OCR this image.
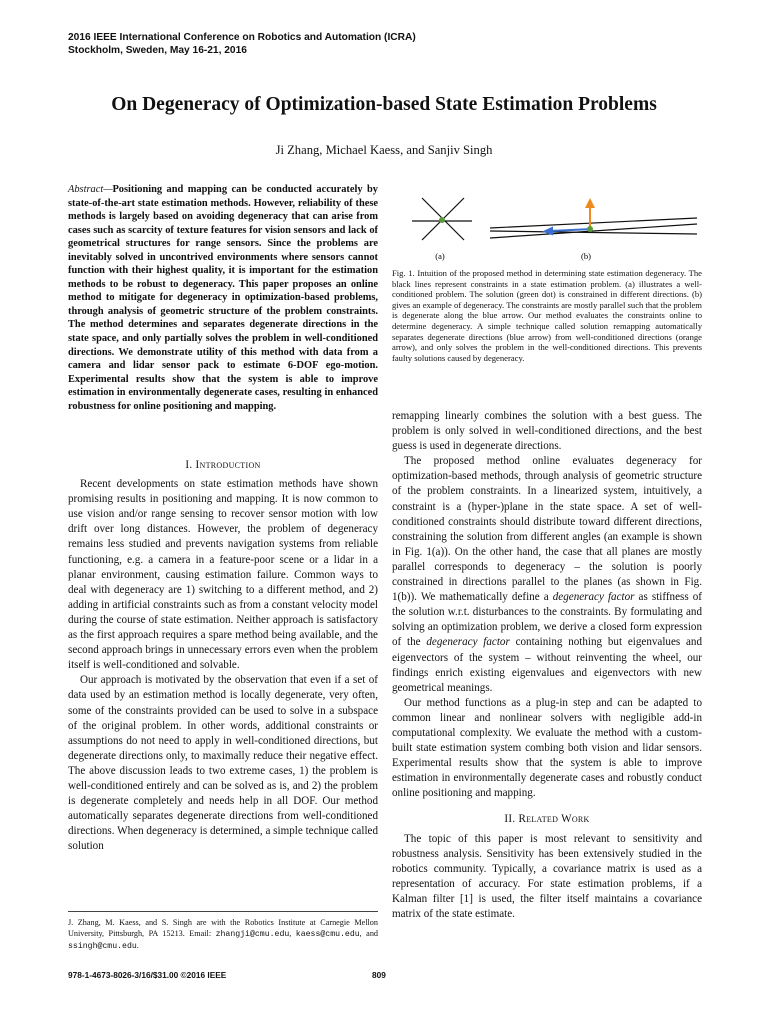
2016 IEEE International Conference on Robotics and Automation (ICRA)
Stockholm, Sweden, May 16-21, 2016
On Degeneracy of Optimization-based State Estimation Problems
Ji Zhang, Michael Kaess, and Sanjiv Singh
Abstract—Positioning and mapping can be conducted accurately by state-of-the-art state estimation methods. However, reliability of these methods is largely based on avoiding degeneracy that can arise from cases such as scarcity of texture features for vision sensors and lack of geometrical structures for range sensors. Since the problems are inevitably solved in uncontrived environments where sensors cannot function with their highest quality, it is important for the estimation methods to be robust to degeneracy. This paper proposes an online method to mitigate for degeneracy in optimization-based problems, through analysis of geometric structure of the problem constraints. The method determines and separates degenerate directions in the state space, and only partially solves the problem in well-conditioned directions. We demonstrate utility of this method with data from a camera and lidar sensor pack to estimate 6-DOF ego-motion. Experimental results show that the system is able to improve estimation in environmentally degenerate cases, resulting in enhanced robustness for online positioning and mapping.
I. Introduction

Recent developments on state estimation methods have shown promising results in positioning and mapping. It is now common to use vision and/or range sensing to recover sensor motion with low drift over long distances. However, the problem of degeneracy remains less studied and prevents navigation systems from reliable functioning, e.g. a camera in a feature-poor scene or a lidar in a planar environment, causing estimation failure. Common ways to deal with degeneracy are 1) switching to a different method, and 2) adding in artificial constraints such as from a constant velocity model during the course of state estimation. Neither approach is satisfactory as the first approach requires a spare method being available, and the second approach brings in unnecessary errors even when the problem itself is well-conditioned and solvable.

Our approach is motivated by the observation that even if a set of data used by an estimation method is locally degenerate, very often, some of the constraints provided can be used to solve in a subspace of the original problem. In other words, additional constraints or assumptions do not need to apply in well-conditioned directions, but degenerate directions only, to maximally reduce their negative effect. The above discussion leads to two extreme cases, 1) the problem is well-conditioned entirely and can be solved as is, and 2) the problem is degenerate completely and needs help in all DOF. Our method automatically separates degenerate directions from well-conditioned directions. When degeneracy is determined, a simple technique called solution

J. Zhang, M. Kaess, and S. Singh are with the Robotics Institute at Carnegie Mellon University, Pittsburgh, PA 15213. Email: zhangji@cmu.edu, kaess@cmu.edu, and ssingh@cmu.edu.
(a)	(b)
Fig. 1. Intuition of the proposed method in determining state estimation degeneracy. The black lines represent constraints in a state estimation problem. (a) illustrates a well-conditioned problem. The solution (green dot) is constrained in different directions. (b) gives an example of degeneracy. The constraints are mostly parallel such that the problem is degenerate along the blue arrow. Our method evaluates the constraints online to determine degeneracy. A simple technique called solution remapping automatically separates degenerate directions (blue arrow) from well-conditioned directions (orange arrow), and only solves the problem in the well-conditioned directions. This prevents faulty solutions caused by degeneracy.

remapping linearly combines the solution with a best guess. The problem is only solved in well-conditioned directions, and the best guess is used in degenerate directions.

The proposed method online evaluates degeneracy for optimization-based methods, through analysis of geometric structure of the problem constraints. In a linearized system, intuitively, a constraint is a (hyper-)plane in the state space. A set of well-conditioned constraints should distribute toward different directions, constraining the solution from different angles (an example is shown in Fig. 1(a)). On the other hand, the case that all planes are mostly parallel corresponds to degeneracy – the solution is poorly constrained in directions parallel to the planes (as shown in Fig. 1(b)). We mathematically define a degeneracy factor as stiffness of the solution w.r.t. disturbances to the constraints. By formulating and solving an optimization problem, we derive a closed form expression of the degeneracy factor containing nothing but eigenvalues and eigenvectors of the system – without reinventing the wheel, our findings enrich existing eigenvalues and eigenvectors with new geometrical meanings.

Our method functions as a plug-in step and can be adapted to common linear and nonlinear solvers with negligible add-in computational complexity. We evaluate the method with a custom-built state estimation system combing both vision and lidar sensors. Experimental results show that the system is able to improve estimation in environmentally degenerate cases and robustly conduct online positioning and mapping.

II. Related Work

The topic of this paper is most relevant to sensitivity and robustness analysis. Sensitivity has been extensively studied in the robotics community. Typically, a covariance matrix is used as a representation of accuracy. For state estimation problems, if a Kalman filter [1] is used, the filter itself maintains a covariance matrix of the state estimate.

978-1-4673-8026-3/16/$31.00 ©2016 IEEE	809
